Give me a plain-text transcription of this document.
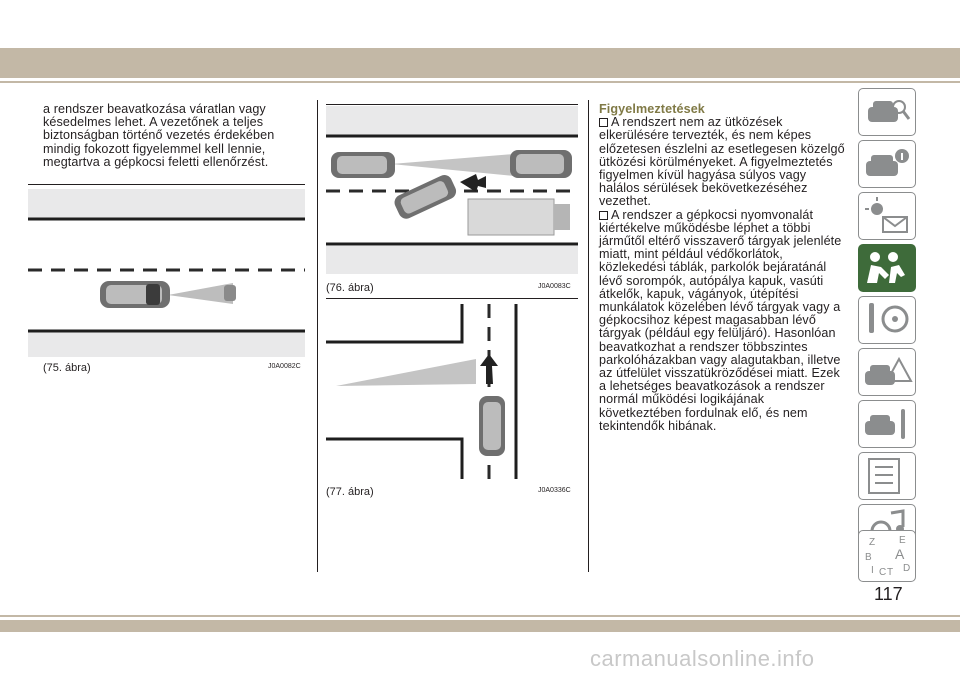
a rendszer beavatkozása váratlan vagy késedelmes lehet. A vezetőnek a teljes biztonságban történő vezetés érdekében mindig fokozott figyelemmel kell lennie, megtartva a gépkocsi feletti ellenőrzést.

(75. ábra)	J0A0082C
(76. ábra)	J0A0083C
(77. ábra)	J0A0336C
Figyelmeztetések

A rendszert nem az ütközések elkerülésére tervezték, és nem képes előzetesen észlelni az esetlegesen közelgő ütközési körülményeket. A figyelmeztetés figyelmen kívül hagyása súlyos vagy halálos sérülések bekövetkezéséhez vezethet.

A rendszer a gépkocsi nyomvonalát kiértékelve működésbe léphet a többi járműtől eltérő visszaverő tárgyak jelenléte miatt, mint például védőkorlátok, közlekedési táblák, parkolók bejáratánál lévő sorompók, autópálya kapuk, vasúti átkelők, kapuk, vágányok, útépítési munkálatok közelében lévő tárgyak vagy a gépkocsihoz képest magasabban lévő tárgyak (például egy felüljáró). Hasonlóan beavatkozhat a rendszer többszintes parkolóházakban vagy alagutakban, illetve az útfelület visszatükröződései miatt. Ezek a lehetséges beavatkozások a rendszer normál működési logikájának következtében fordulnak elő, és nem tekintendők hibának.

Z E
B A
C D
T
I
117
carmanualsonline.info
